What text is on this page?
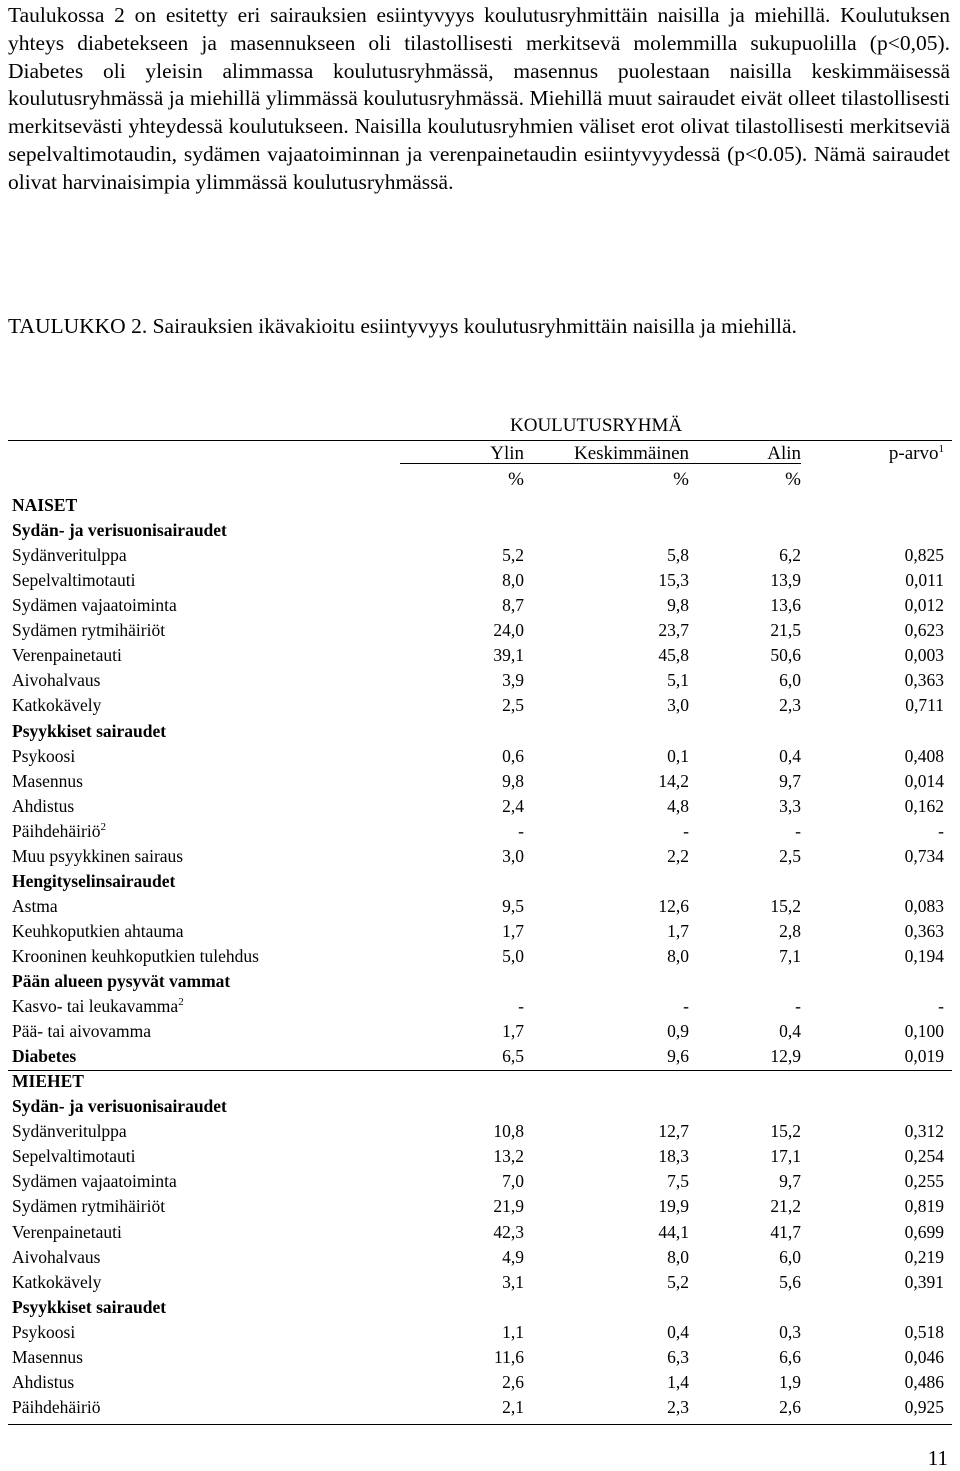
Taulukossa 2 on esitetty eri sairauksien esiintyvyys koulutusryhmittäin naisilla ja miehillä. Koulutuksen yhteys diabetekseen ja masennukseen oli tilastollisesti merkitsevä molemmilla sukupuolilla (p<0,05). Diabetes oli yleisin alimmassa koulutusryhmässä, masennus puolestaan naisilla keskimmäisessä koulutusryhmässä ja miehillä ylimmässä koulutusryhmässä. Miehillä muut sairaudet eivät olleet tilastollisesti merkitsevästi yhteydessä koulutukseen. Naisilla koulutusryhmien väliset erot olivat tilastollisesti merkitseviä sepelvaltimotaudin, sydämen vajaatoiminnan ja verenpainetaudin esiintyvyydessä (p<0.05). Nämä sairaudet olivat harvinaisimpia ylimmässä koulutusryhmässä.

TAULUKKO 2. Sairauksien ikävakioitu esiintyvyys koulutusryhmittäin naisilla ja miehillä.

KOULUTUSRYHMÄ
Ylin	Keskimmäinen	Alin	p-arvo$^1$
%	%	%
NAISET
Sydän- ja verisuonisairaudet
Sydänveritulppa	5,2	5,8	6,2	0,825
Sepelvaltimotauti	8,0	15,3	13,9	0,011
Sydämen vajaatoiminta	8,7	9,8	13,6	0,012
Sydämen rytmihäiriöt	24,0	23,7	21,5	0,623
Verenpainetauti	39,1	45,8	50,6	0,003
Aivohalvaus	3,9	5,1	6,0	0,363
Katkokävely	2,5	3,0	2,3	0,711
Psyykkiset sairaudet
Psykoosi	0,6	0,1	0,4	0,408
Masennus	9,8	14,2	9,7	0,014
Ahdistus	2,4	4,8	3,3	0,162
Päihdehäiriö$^2$	-	-	-	-
Muu psyykkinen sairaus	3,0	2,2	2,5	0,734
Hengityselinsairaudet
Astma	9,5	12,6	15,2	0,083
Keuhkoputkien ahtauma	1,7	1,7	2,8	0,363
Krooninen keuhkoputkien tulehdus	5,0	8,0	7,1	0,194
Pään alueen pysyvät vammat
Kasvo- tai leukavamma$^2$	-	-	-	-
Pää- tai aivovamma	1,7	0,9	0,4	0,100
Diabetes	6,5	9,6	12,9	0,019
MIEHET
Sydän- ja verisuonisairaudet
Sydänveritulppa	10,8	12,7	15,2	0,312
Sepelvaltimotauti	13,2	18,3	17,1	0,254
Sydämen vajaatoiminta	7,0	7,5	9,7	0,255
Sydämen rytmihäiriöt	21,9	19,9	21,2	0,819
Verenpainetauti	42,3	44,1	41,7	0,699
Aivohalvaus	4,9	8,0	6,0	0,219
Katkokävely	3,1	5,2	5,6	0,391
Psyykkiset sairaudet
Psykoosi	1,1	0,4	0,3	0,518
Masennus	11,6	6,3	6,6	0,046
Ahdistus	2,6	1,4	1,9	0,486
Päihdehäiriö	2,1	2,3	2,6	0,925
11
